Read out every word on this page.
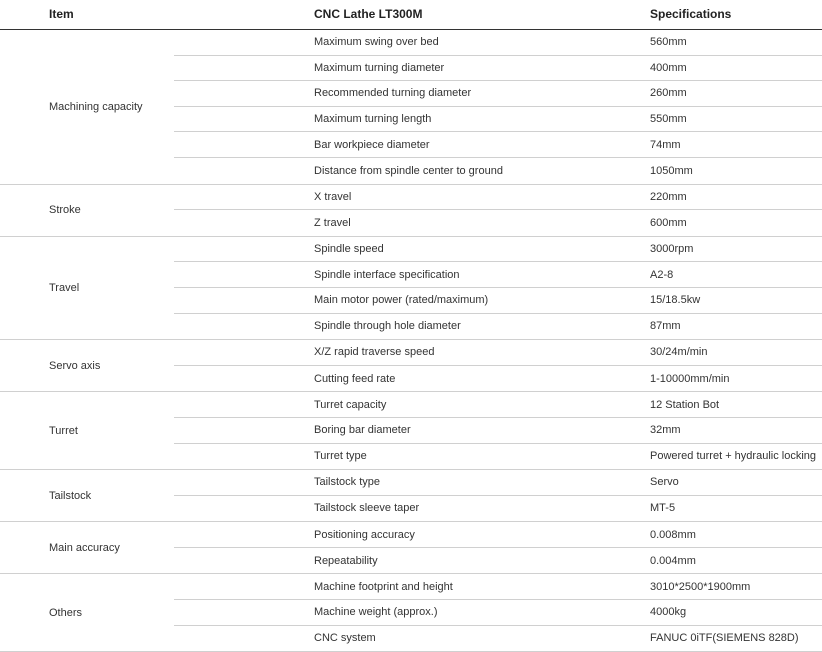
Item	CNC Lathe LT300M	Specifications
Machining capacity
Maximum swing over bed	560mm
Maximum turning diameter	400mm
Recommended turning diameter	260mm
Maximum turning length	550mm
Bar workpiece diameter	74mm
Distance from spindle center to ground	1050mm
Stroke
X travel	220mm
Z travel	600mm
Travel
Spindle speed	3000rpm
Spindle interface specification	A2-8
Main motor power (rated/maximum)	15/18.5kw
Spindle through hole diameter	87mm
Servo axis
X/Z rapid traverse speed	30/24m/min
Cutting feed rate	1-10000mm/min
Turret
Turret capacity	12 Station Bot
Boring bar diameter	32mm
Turret type	Powered turret + hydraulic locking
Tailstock
Tailstock type	Servo
Tailstock sleeve taper	MT-5
Main accuracy
Positioning accuracy	0.008mm
Repeatability	0.004mm
Others
Machine footprint and height	3010*2500*1900mm
Machine weight (approx.)	4000kg
CNC system	FANUC 0iTF(SIEMENS 828D)
